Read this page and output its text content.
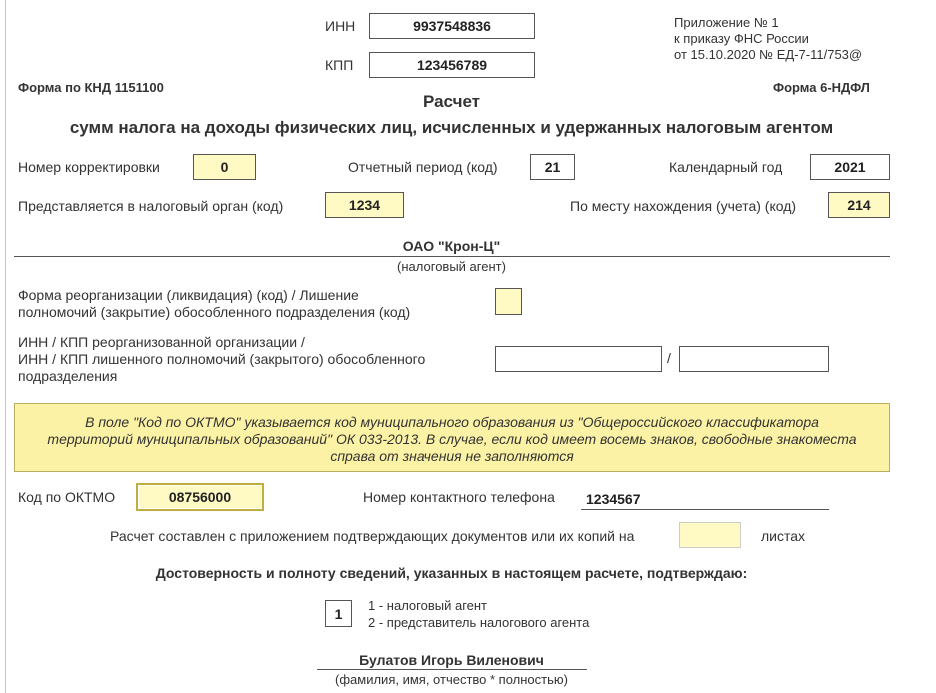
ИНН	9937548836
КПП	123456789
Приложение № 1
к приказу ФНС России
от 15.10.2020 № ЕД-7-11/753@
Форма по КНД 1151100	Форма 6-НДФЛ
Расчет
сумм налога на доходы физических лиц, исчисленных и удержанных налоговым агентом
Номер корректировки	0	Отчетный период (код)	21	Календарный год	2021
Представляется в налоговый орган (код)	1234	По месту нахождения (учета) (код)	214
ОАО "Крон-Ц"
(налоговый агент)
Форма реорганизации (ликвидация) (код) / Лишение
полномочий (закрытие) обособленного подразделения (код)
ИНН / КПП реорганизованной организации /
ИНН / КПП лишенного полномочий (закрытого) обособленного
подразделения
/
В поле "Код по ОКТМО" указывается код муниципального образования из "Общероссийского классификатора
территорий муниципальных образований" ОК 033-2013. В случае, если код имеет восемь знаков, свободные знакоместа
справа от значения не заполняются
Код по ОКТМО	08756000	Номер контактного телефона 1234567
Расчет составлен с приложением подтверждающих документов или их копий на	листах
Достоверность и полноту сведений, указанных в настоящем расчете, подтверждаю:
1	1 - налоговый агент
2 - представитель налогового агента
Булатов Игорь Виленович
(фамилия, имя, отчество * полностью)
